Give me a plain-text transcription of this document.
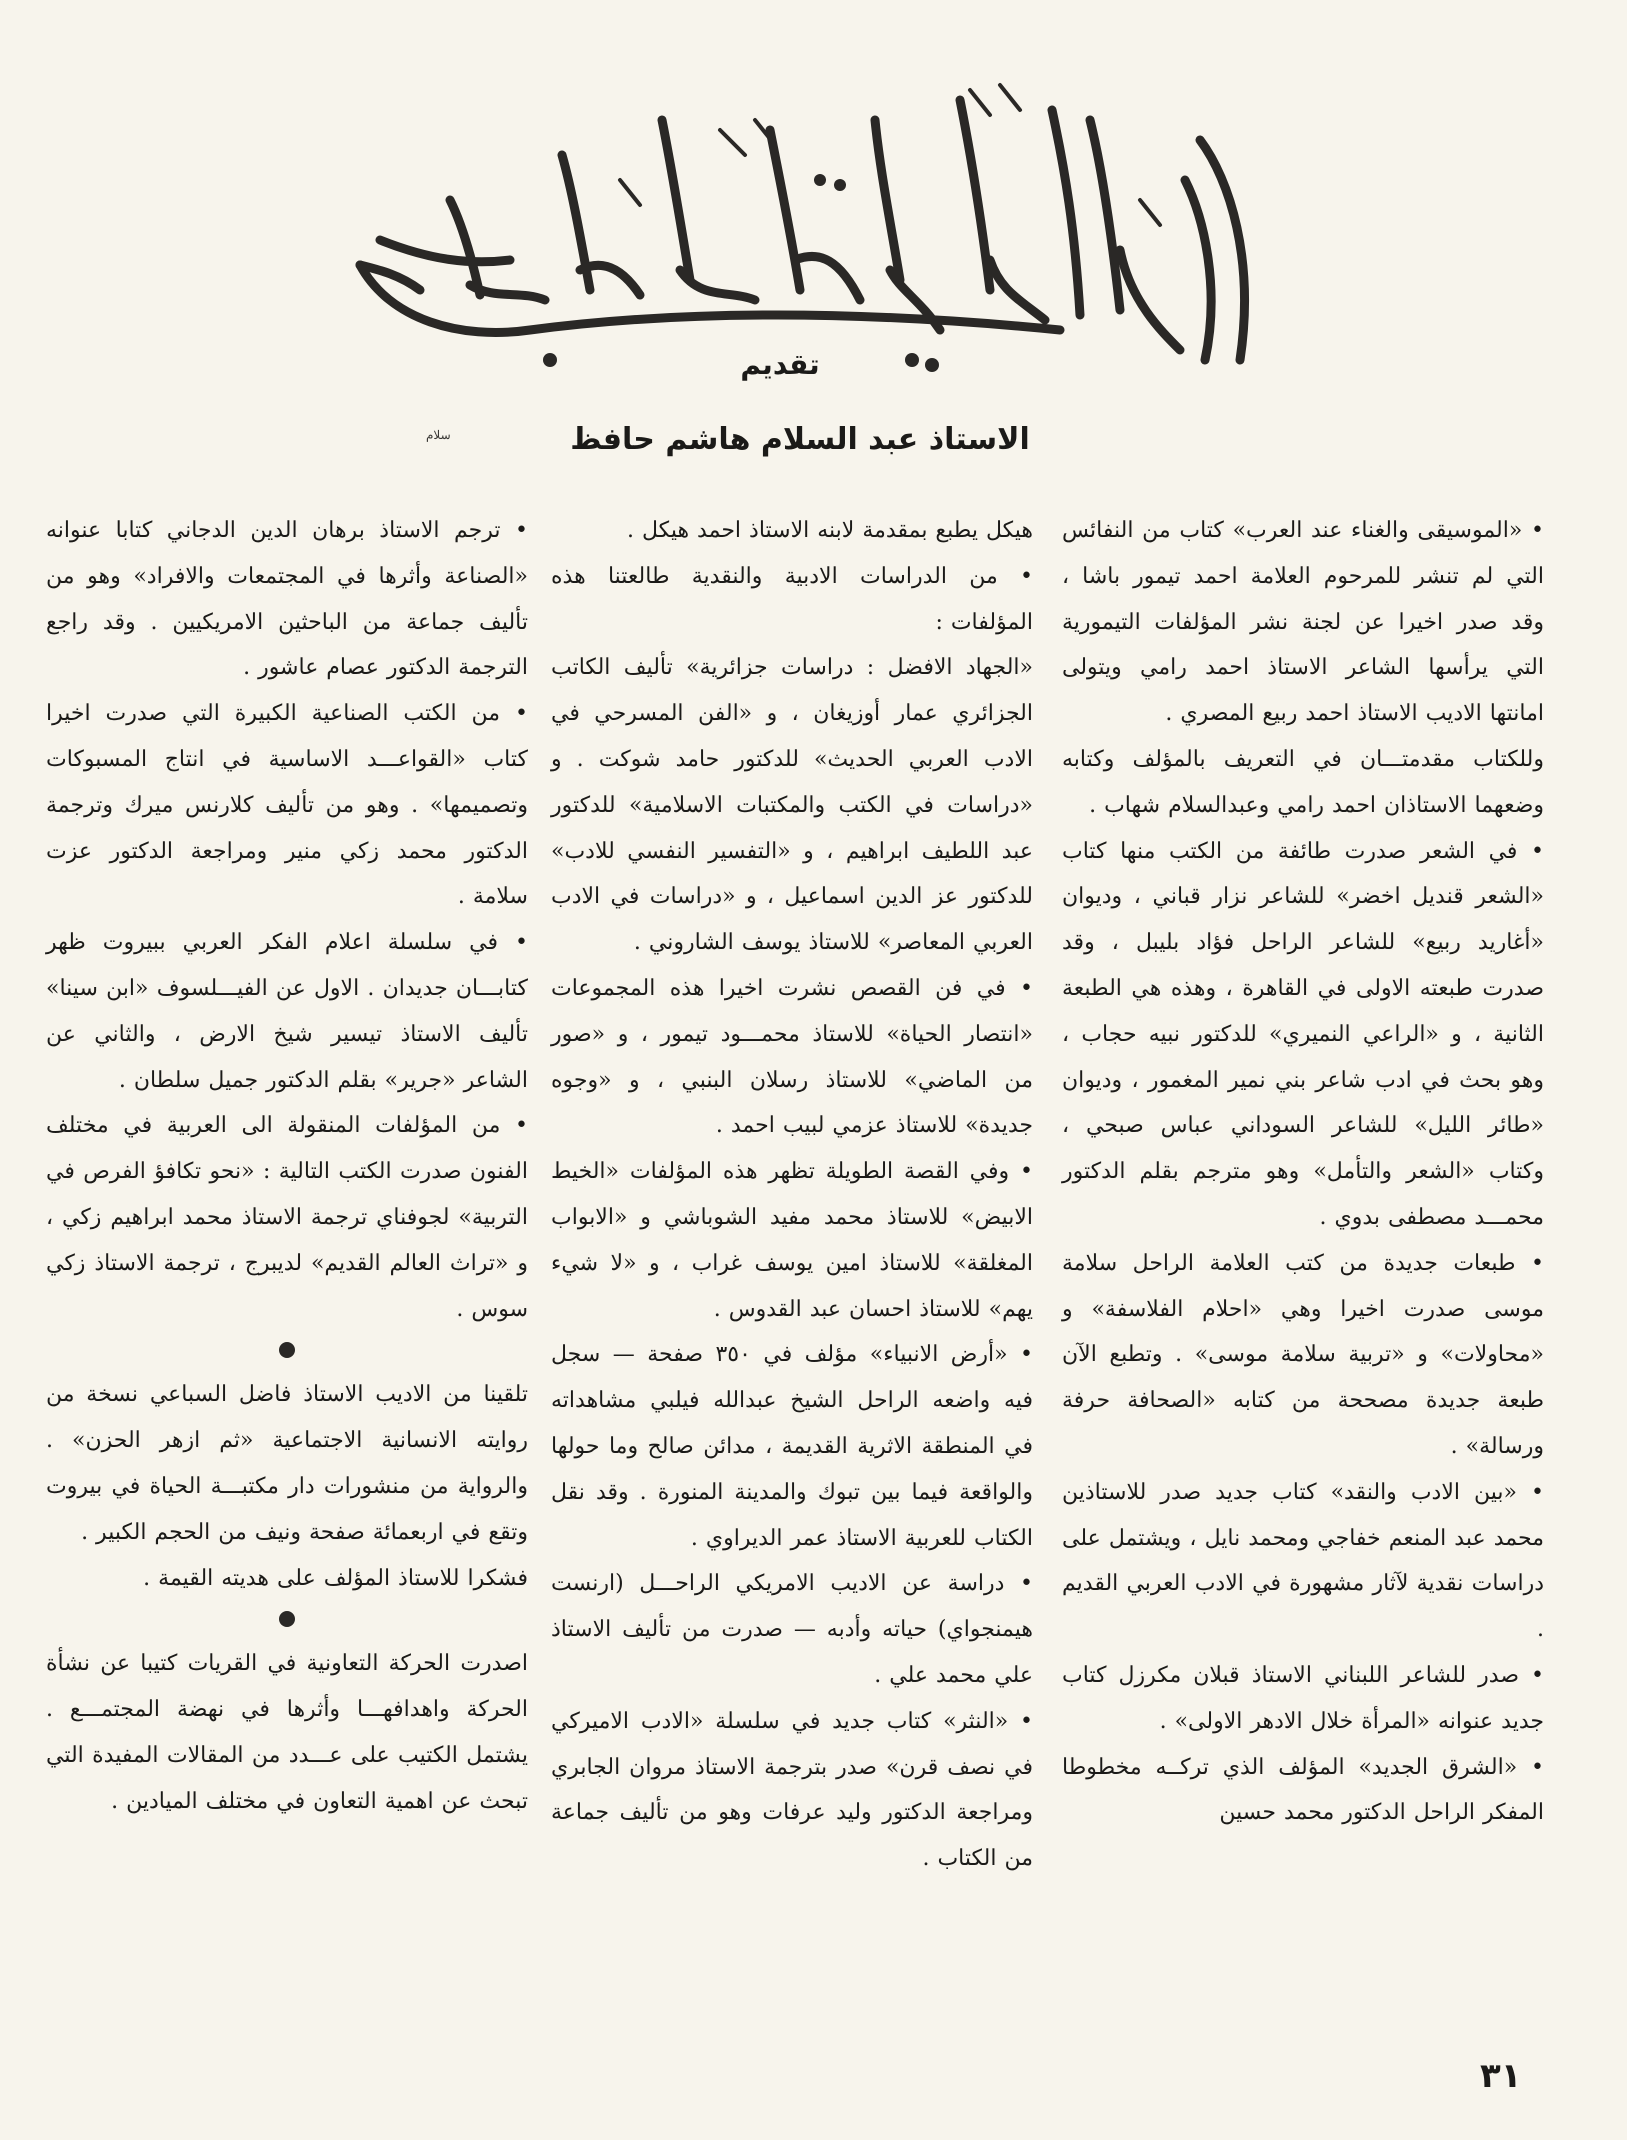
تقديم
الاستاذ عبد السلام هاشم حافظ
سلام

• «الموسيقى والغناء عند العرب» كتاب من النفائس التي لم تنشر للمرحوم العلامة احمد تيمور باشا ، وقد صدر اخيرا عن لجنة نشر المؤلفات التيمورية التي يرأسها الشاعر الاستاذ احمد رامي ويتولى امانتها الاديب الاستاذ احمد ربيع المصري .

وللكتاب مقدمتـــان في التعريف بالمؤلف وكتابه وضعهما الاستاذان احمد رامي وعبدالسلام شهاب .

• في الشعر صدرت طائفة من الكتب منها كتاب «الشعر قنديل اخضر» للشاعر نزار قباني ، وديوان «أغاريد ربيع» للشاعر الراحل فؤاد بليبل ، وقد صدرت طبعته الاولى في القاهرة ، وهذه هي الطبعة الثانية ، و «الراعي النميري» للدكتور نبيه حجاب ، وهو بحث في ادب شاعر بني نمير المغمور ، وديوان «طائر الليل» للشاعر السوداني عباس صبحي ، وكتاب «الشعر والتأمل» وهو مترجم بقلم الدكتور محمـــد مصطفى بدوي .

• طبعات جديدة من كتب العلامة الراحل سلامة موسى صدرت اخيرا وهي «احلام الفلاسفة» و «محاولات» و «تربية سلامة موسى» . وتطبع الآن طبعة جديدة مصححة من كتابه «الصحافة حرفة ورسالة» .

• «بين الادب والنقد» كتاب جديد صدر للاستاذين محمد عبد المنعم خفاجي ومحمد نايل ، ويشتمل على دراسات نقدية لآثار مشهورة في الادب العربي القديم .

• صدر للشاعر اللبناني الاستاذ قبلان مكرزل كتاب جديد عنوانه «المرأة خلال الادهر الاولى» .

• «الشرق الجديد» المؤلف الذي تركــه مخطوطا المفكر الراحل الدكتور محمد حسين

هيكل يطبع بمقدمة لابنه الاستاذ احمد هيكل .

• من الدراسات الادبية والنقدية طالعتنا هذه المؤلفات :

«الجهاد الافضل : دراسات جزائرية» تأليف الكاتب الجزائري عمار أوزيغان ، و «الفن المسرحي في الادب العربي الحديث» للدكتور حامد شوكت . و «دراسات في الكتب والمكتبات الاسلامية» للدكتور عبد اللطيف ابراهيم ، و «التفسير النفسي للادب» للدكتور عز الدين اسماعيل ، و «دراسات في الادب العربي المعاصر» للاستاذ يوسف الشاروني .

• في فن القصص نشرت اخيرا هذه المجموعات «انتصار الحياة» للاستاذ محمـــود تيمور ، و «صور من الماضي» للاستاذ رسلان البنبي ، و «وجوه جديدة» للاستاذ عزمي لبيب احمد .

• وفي القصة الطويلة تظهر هذه المؤلفات «الخيط الابيض» للاستاذ محمد مفيد الشوباشي و «الابواب المغلقة» للاستاذ امين يوسف غراب ، و «لا شيء يهم» للاستاذ احسان عبد القدوس .

• «أرض الانبياء» مؤلف في ٣٥٠ صفحة — سجل فيه واضعه الراحل الشيخ عبدالله فيلبي مشاهداته في المنطقة الاثرية القديمة ، مدائن صالح وما حولها والواقعة فيما بين تبوك والمدينة المنورة . وقد نقل الكتاب للعربية الاستاذ عمر الديراوي .

• دراسة عن الاديب الامريكي الراحـــل (ارنست هيمنجواي) حياته وأدبه — صدرت من تأليف الاستاذ علي محمد علي .

• «النثر» كتاب جديد في سلسلة «الادب الاميركي في نصف قرن» صدر بترجمة الاستاذ مروان الجابري ومراجعة الدكتور وليد عرفات وهو من تأليف جماعة من الكتاب .

• ترجم الاستاذ برهان الدين الدجاني كتابا عنوانه «الصناعة وأثرها في المجتمعات والافراد» وهو من تأليف جماعة من الباحثين الامريكيين . وقد راجع الترجمة الدكتور عصام عاشور .

• من الكتب الصناعية الكبيرة التي صدرت اخيرا كتاب «القواعـــد الاساسية في انتاج المسبوكات وتصميمها» . وهو من تأليف كلارنس ميرك وترجمة الدكتور محمد زكي منير ومراجعة الدكتور عزت سلامة .

• في سلسلة اعلام الفكر العربي ببيروت ظهر كتابـــان جديدان . الاول عن الفيـــلسوف «ابن سينا» تأليف الاستاذ تيسير شيخ الارض ، والثاني عن الشاعر «جرير» بقلم الدكتور جميل سلطان .

• من المؤلفات المنقولة الى العربية في مختلف الفنون صدرت الكتب التالية : «نحو تكافؤ الفرص في التربية» لجوفناي ترجمة الاستاذ محمد ابراهيم زكي ، و «تراث العالم القديم» لديبرج ، ترجمة الاستاذ زكي سوس .

تلقينا من الاديب الاستاذ فاضل السباعي نسخة من روايته الانسانية الاجتماعية «ثم ازهر الحزن» . والرواية من منشورات دار مكتبـــة الحياة في بيروت وتقع في اربعمائة صفحة ونيف من الحجم الكبير .

فشكرا للاستاذ المؤلف على هديته القيمة .

اصدرت الحركة التعاونية في القريات كتيبا عن نشأة الحركة واهدافهـــا وأثرها في نهضة المجتمـــع . يشتمل الكتيب على عـــدد من المقالات المفيدة التي تبحث عن اهمية التعاون في مختلف الميادين .

٣١
